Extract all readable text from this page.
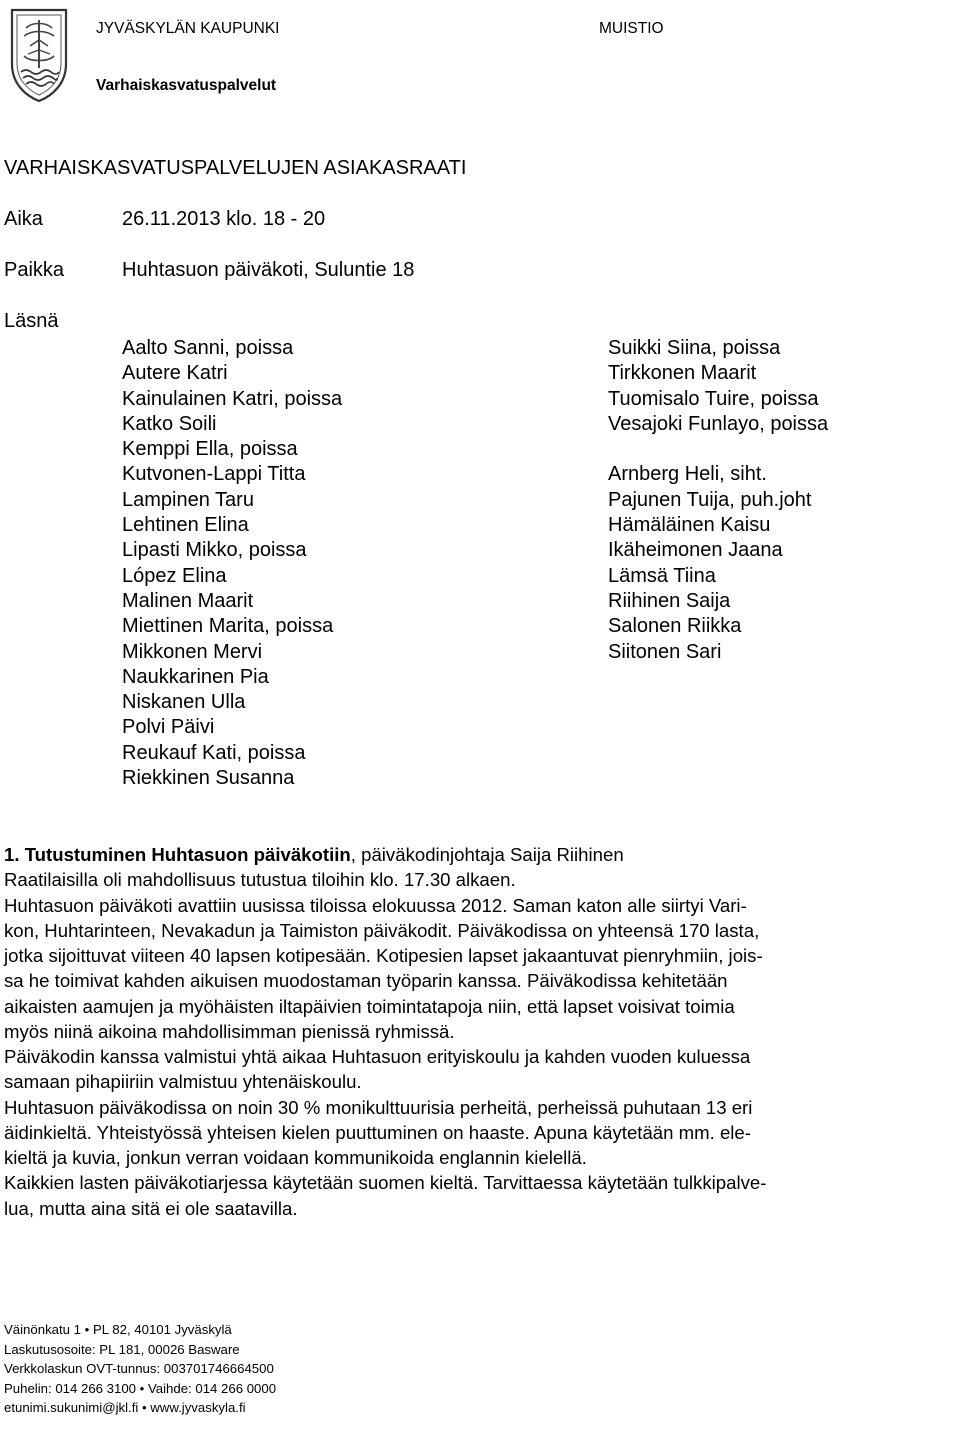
JYVÄSKYLÄN KAUPUNKI	MUISTIO
Varhaiskasvatuspalvelut
VARHAISKASVATUSPALVELUJEN ASIAKASRAATI
Aika	26.11.2013 klo. 18 - 20
Paikka	Huhtasuon päiväkoti, Suluntie 18
Läsnä
Aalto Sanni, poissa
Autere Katri
Kainulainen Katri, poissa
Katko Soili
Kemppi Ella, poissa
Kutvonen-Lappi Titta
Lampinen Taru
Lehtinen Elina
Lipasti Mikko, poissa
López Elina
Malinen Maarit
Miettinen Marita, poissa
Mikkonen Mervi
Naukkarinen Pia
Niskanen Ulla
Polvi Päivi
Reukauf Kati, poissa
Riekkinen Susanna
Suikki Siina, poissa
Tirkkonen Maarit
Tuomisalo Tuire, poissa
Vesajoki Funlayo, poissa
Arnberg Heli, siht.
Pajunen Tuija, puh.joht
Hämäläinen Kaisu
Ikäheimonen Jaana
Lämsä Tiina
Riihinen Saija
Salonen Riikka
Siitonen Sari

1. Tutustuminen Huhtasuon päiväkotiin, päiväkodinjohtaja Saija Riihinen

Raatilaisilla oli mahdollisuus tutustua tiloihin klo. 17.30 alkaen.

Huhtasuon päiväkoti avattiin uusissa tiloissa elokuussa 2012. Saman katon alle siirtyi Vari-

kon, Huhtarinteen, Nevakadun ja Taimiston päiväkodit. Päiväkodissa on yhteensä 170 lasta,

jotka sijoittuvat viiteen 40 lapsen kotipesään. Kotipesien lapset jakaantuvat pienryhmiin, jois-

sa he toimivat kahden aikuisen muodostaman työparin kanssa. Päiväkodissa kehitetään

aikaisten aamujen ja myöhäisten iltapäivien toimintatapoja niin, että lapset voisivat toimia

myös niinä aikoina mahdollisimman pienissä ryhmissä.

Päiväkodin kanssa valmistui yhtä aikaa Huhtasuon erityiskoulu ja kahden vuoden kuluessa

samaan pihapiiriin valmistuu yhtenäiskoulu.

Huhtasuon päiväkodissa on noin 30 % monikulttuurisia perheitä, perheissä puhutaan 13 eri

äidinkieltä. Yhteistyössä yhteisen kielen puuttuminen on haaste. Apuna käytetään mm. ele-

kieltä ja kuvia, jonkun verran voidaan kommunikoida englannin kielellä.

Kaikkien lasten päiväkotiarjessa käytetään suomen kieltä. Tarvittaessa käytetään tulkkipalve-

lua, mutta aina sitä ei ole saatavilla.

Väinönkatu 1 • PL 82, 40101 Jyväskylä
Laskutusosoite: PL 181, 00026 Basware
Verkkolaskun OVT-tunnus: 003701746664500
Puhelin: 014 266 3100 • Vaihde: 014 266 0000
etunimi.sukunimi@jkl.fi • www.jyvaskyla.fi
